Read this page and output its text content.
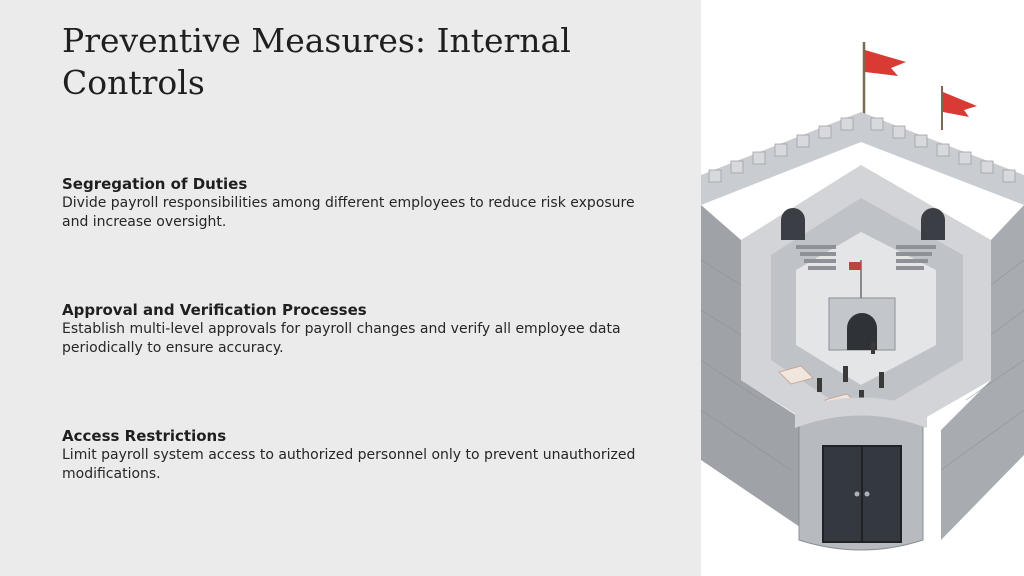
Preventive Measures: Internal Controls
Segregation of Duties

Divide payroll responsibilities among different employees to reduce risk exposure and increase oversight.

Approval and Verification Processes

Establish multi-level approvals for payroll changes and verify all employee data periodically to ensure accuracy.

Access Restrictions

Limit payroll system access to authorized personnel only to prevent unauthorized modifications.
